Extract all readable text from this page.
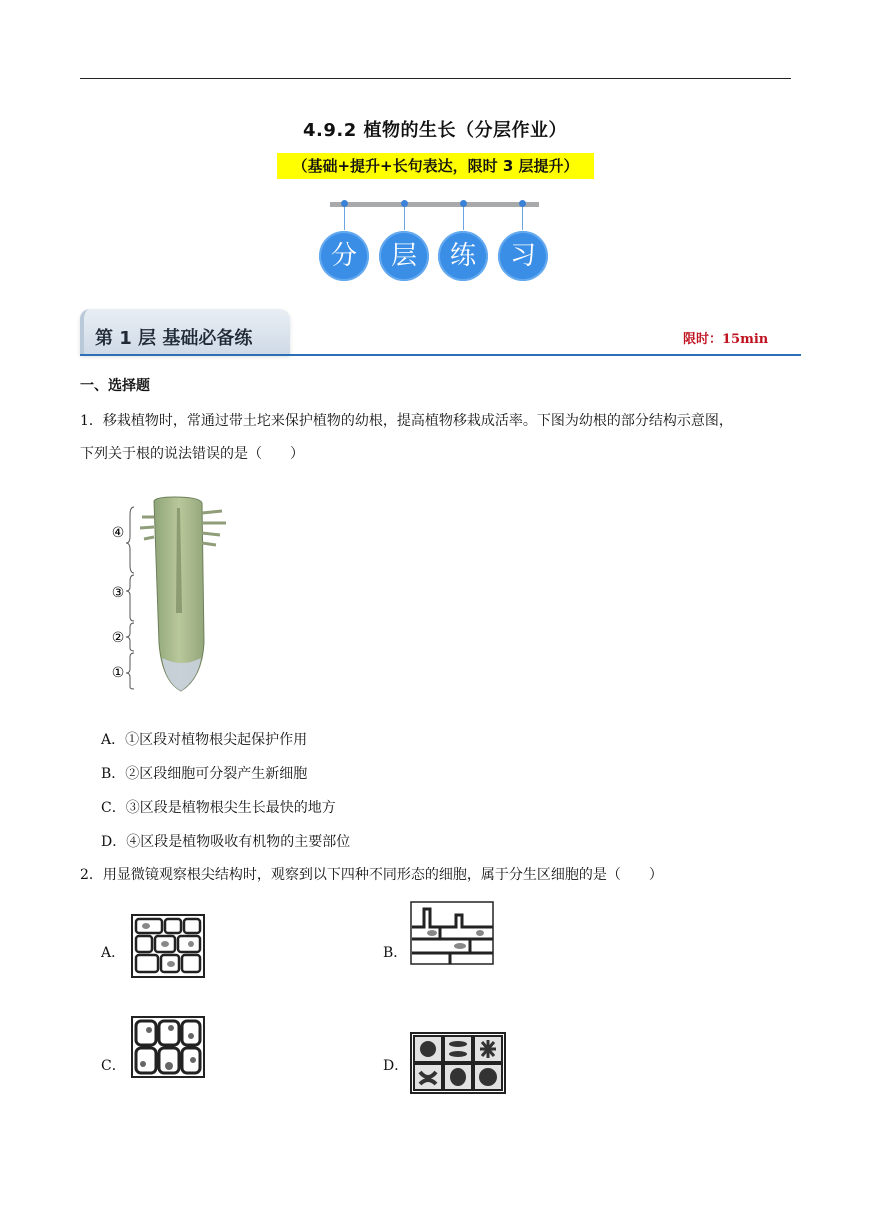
4.9.2 植物的生长（分层作业）
（基础+提升+长句表达，限时 3 层提升）
分	层	练	习
第 1 层 基础必备练	限时：15min
一、选择题
1．移栽植物时，常通过带土坨来保护植物的幼根，提高植物移栽成活率。下图为幼根的部分结构示意图，
下列关于根的说法错误的是（　　）
④
③
②
①
A．①区段对植物根尖起保护作用
B．②区段细胞可分裂产生新细胞
C．③区段是植物根尖生长最快的地方
D．④区段是植物吸收有机物的主要部位
2．用显微镜观察根尖结构时，观察到以下四种不同形态的细胞，属于分生区细胞的是（　　）
A．	B．
C．	D．
